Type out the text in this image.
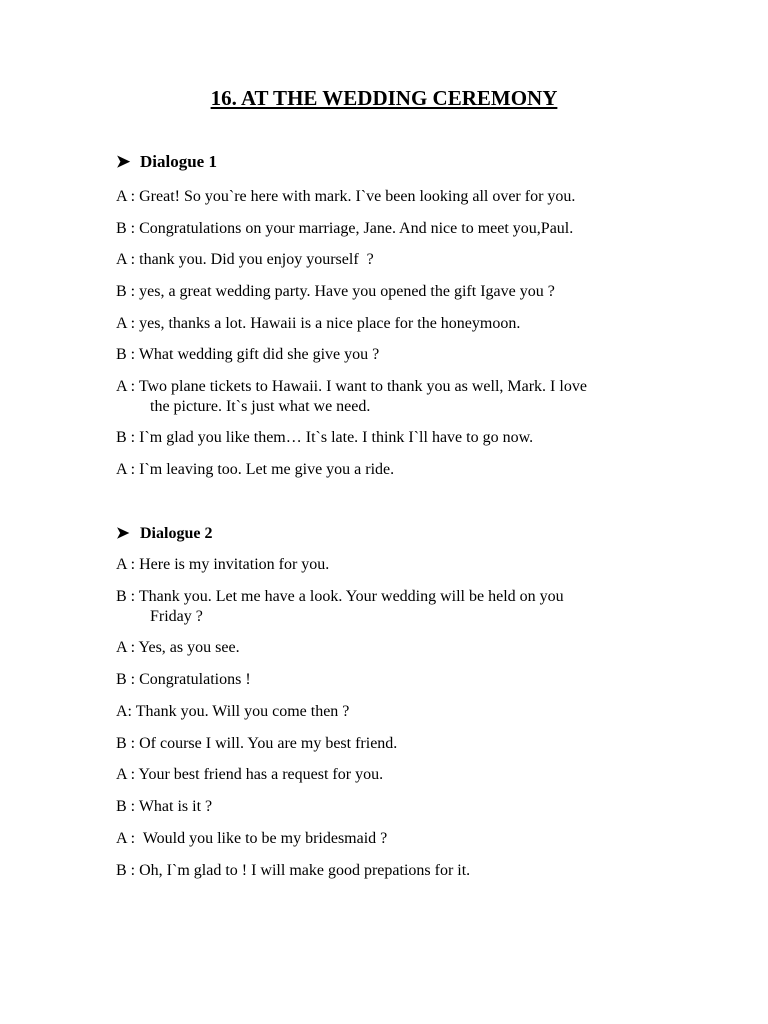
16. AT THE WEDDING CEREMONY
➤ Dialogue 1
A : Great! So you`re here with mark. I`ve been looking all over for you.
B : Congratulations on your marriage, Jane. And nice to meet you,Paul.
A : thank you. Did you enjoy yourself  ?
B : yes, a great wedding party. Have you opened the gift Igave you ?
A : yes, thanks a lot. Hawaii is a nice place for the honeymoon.
B : What wedding gift did she give you ?
A : Two plane tickets to Hawaii. I want to thank you as well, Mark. I love
the picture. It`s just what we need.
B : I`m glad you like them… It`s late. I think I`ll have to go now.
A : I`m leaving too. Let me give you a ride.
➤ Dialogue 2
A : Here is my invitation for you.
B : Thank you. Let me have a look. Your wedding will be held on you
Friday ?
A : Yes, as you see.
B : Congratulations !
A: Thank you. Will you come then ?
B : Of course I will. You are my best friend.
A : Your best friend has a request for you.
B : What is it ?
A :  Would you like to be my bridesmaid ?
B : Oh, I`m glad to ! I will make good prepations for it.
